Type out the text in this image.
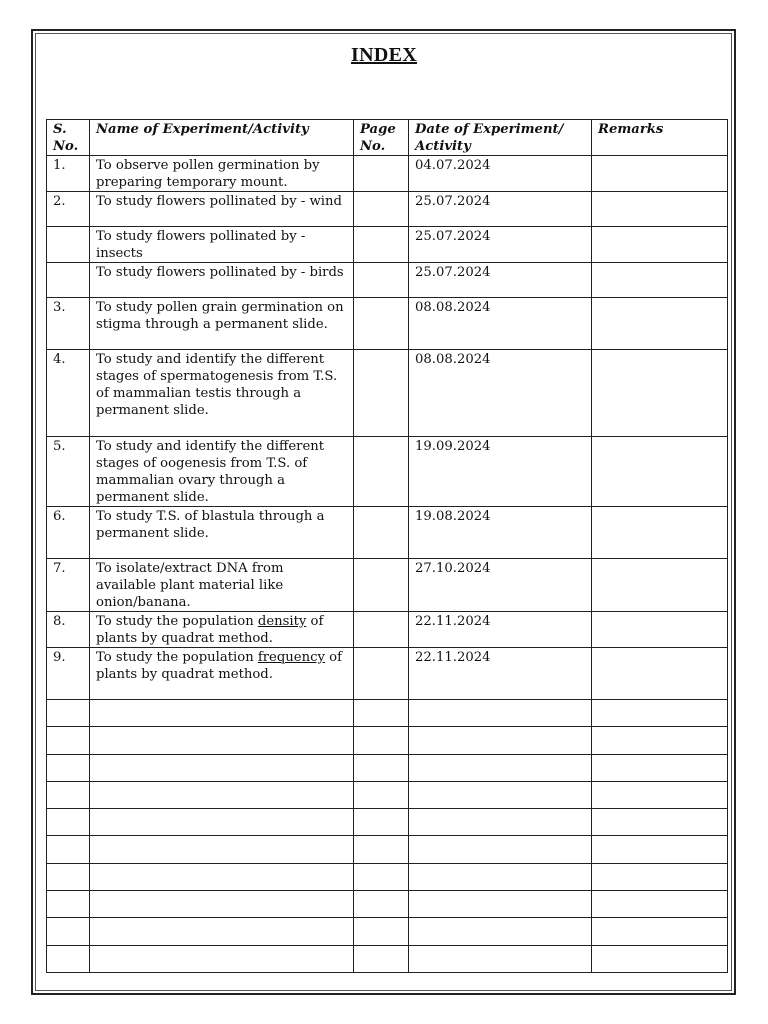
INDEX
S. No.	Name of Experiment/Activity	Page No.	Date of Experiment/ Activity	Remarks
1.	To observe pollen germination by preparing temporary mount.		04.07.2024	
2.	To study flowers pollinated by - wind		25.07.2024	
	To study flowers pollinated by - insects		25.07.2024	
	To study flowers pollinated by - birds		25.07.2024	
3.	To study pollen grain germination on stigma through a permanent slide.		08.08.2024	
4.	To study and identify the different stages of spermatogenesis from T.S. of mammalian testis through a permanent slide.		08.08.2024	
5.	To study and identify the different stages of oogenesis from T.S. of mammalian ovary through a permanent slide.		19.09.2024	
6.	To study T.S. of blastula through a permanent slide.		19.08.2024	
7.	To isolate/extract DNA from available plant material like onion/banana.		27.10.2024	
8.	To study the population density of plants by quadrat method.		22.11.2024	
9.	To study the population frequency of plants by quadrat method.		22.11.2024	
